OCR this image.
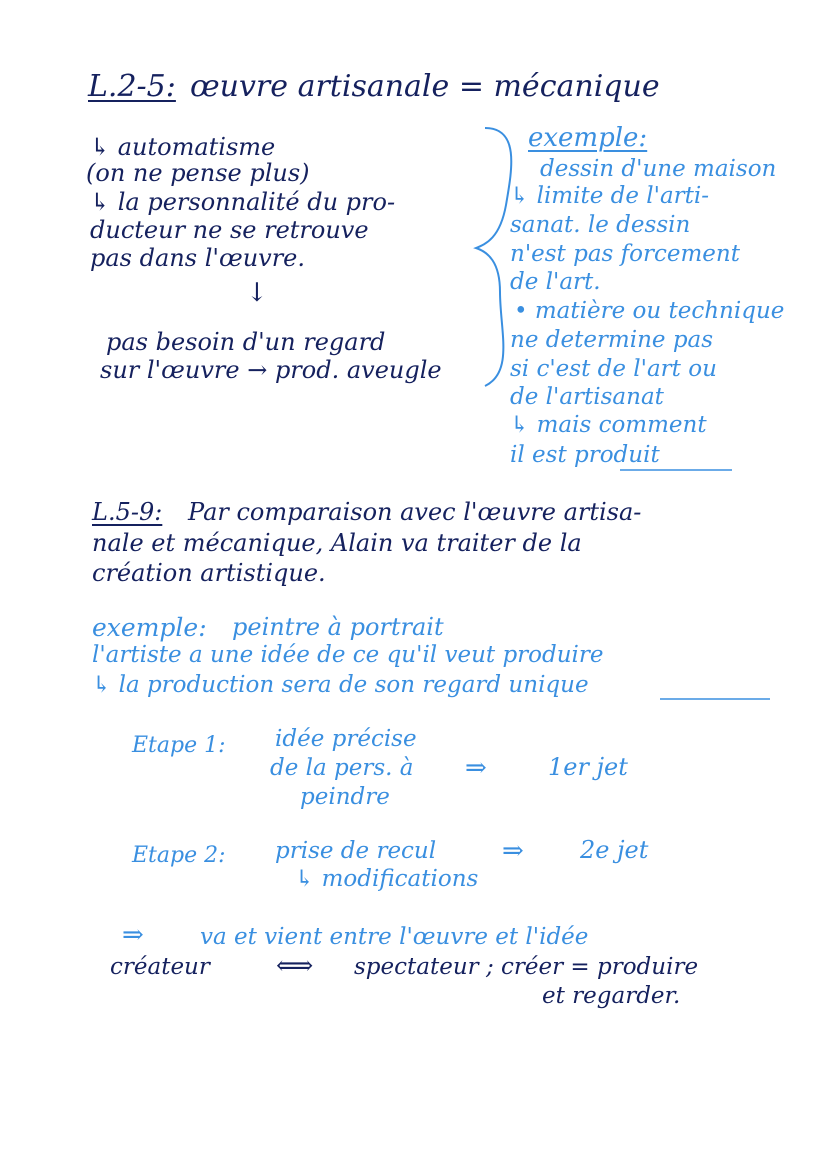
L.2-5: œuvre artisanale = mécanique
↳ automatisme
(on ne pense plus)
↳ la personnalité du pro-
ducteur ne se retrouve
pas dans l'œuvre.
↓
pas besoin d'un regard
sur l'œuvre → prod. aveugle
exemple:
dessin d'une maison
↳ limite de l'arti-
sanat. le dessin
n'est pas forcement
de l'art.
• matière ou technique
ne determine pas
si c'est de l'art ou
de l'artisanat
↳ mais comment
il est produit
L.5-9: Par comparaison avec l'œuvre artisa-
nale et mécanique, Alain va traiter de la
création artistique.
exemple: peintre à portrait
l'artiste a une idée de ce qu'il veut produire
↳ la production sera de son regard unique
Etape 1: idée précise
de la pers. à
peindre
⇒	1er jet
Etape 2: prise de recul
↳ modifications
⇒ 2e jet
⇒ va et vient entre l'œuvre et l'idée
créateur	⟺ spectateur ; créer = produire
et regarder.
